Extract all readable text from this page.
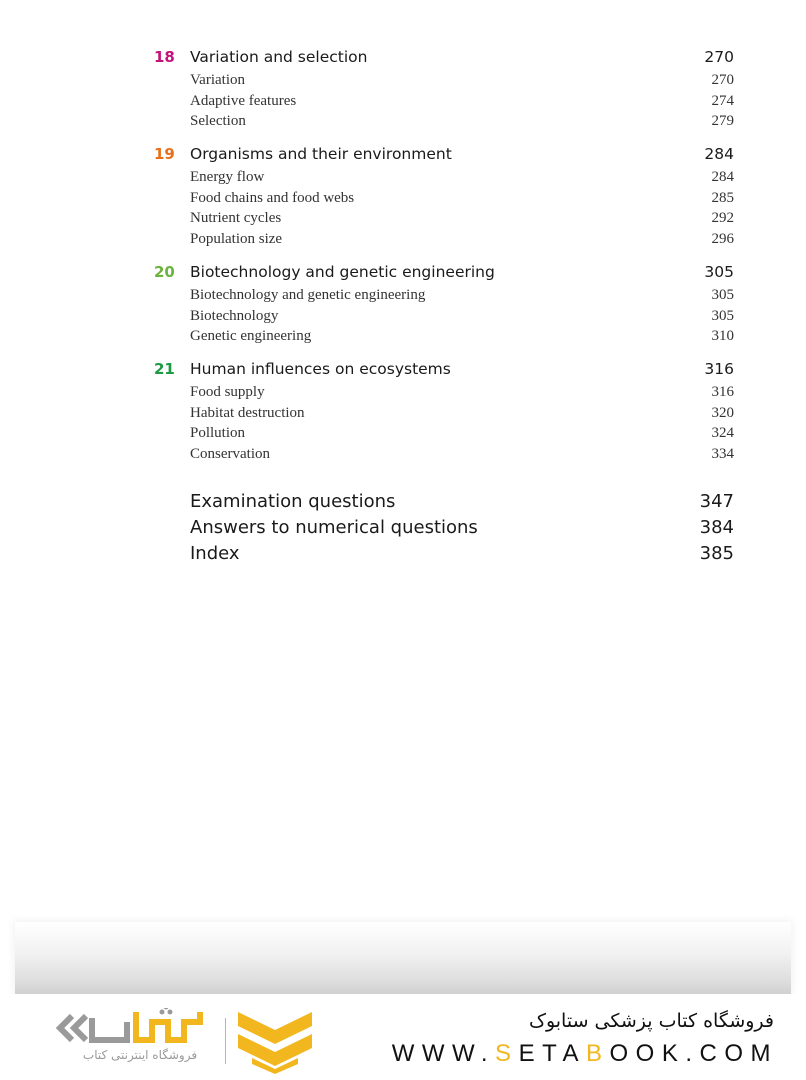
18 Variation and selection	270
Variation	270
Adaptive features	274
Selection	279
19 Organisms and their environment	284
Energy flow	284
Food chains and food webs	285
Nutrient cycles	292
Population size	296
20 Biotechnology and genetic engineering	305
Biotechnology and genetic engineering	305
Biotechnology	305
Genetic engineering	310
21 Human influences on ecosystems	316
Food supply	316
Habitat destruction	320
Pollution	324
Conservation	334
Examination questions	347
Answers to numerical questions	384
Index	385
فروشگاه اینترنتی کتاب
فروشگاه کتاب پزشکی ستابوک
WWW.SETABOOK.COM
